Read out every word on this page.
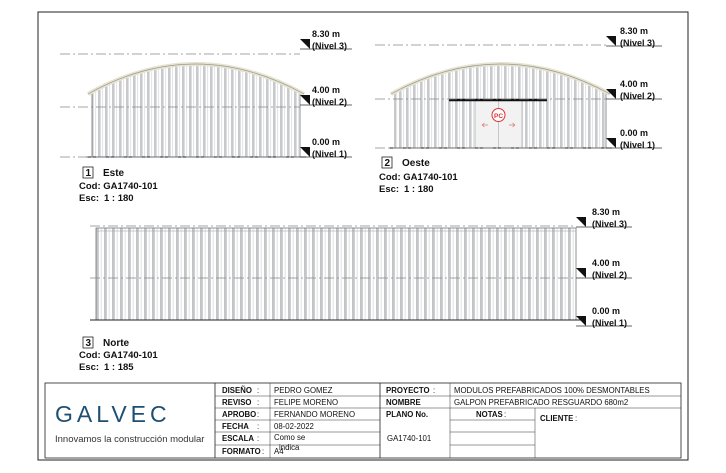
8.30 m
(Nivel 3)
4.00 m
(Nivel 2)
0.00 m
(Nivel 1)
1 Este
Cod: GA1740-101
Esc: 1 : 180
PC
8.30 m
(Nivel 3)
4.00 m
(Nivel 2)
0.00 m
(Nivel 1)
2 Oeste
Cod: GA1740-101
Esc: 1 : 180
8.30 m
(Nivel 3)
4.00 m
(Nivel 2)
0.00 m
(Nivel 1)
3 Norte
Cod: GA1740-101
Esc: 1 : 185
GALVEC
Innovamos la construcción modular
DISEÑO : PEDRO GOMEZ
REVISO : FELIPE MORENO
APROBO : FERNANDO MORENO
FECHA : 08-02-2022
ESCALA : Como se
indica
FORMATO : A4
PROYECTO : MODULOS PREFABRICADOS 100% DESMONTABLES
NOMBRE	GALPON PREFABRICADO RESGUARDO 680m2
PLANO No.
GA1740-101
NOTAS :	CLIENTE :
